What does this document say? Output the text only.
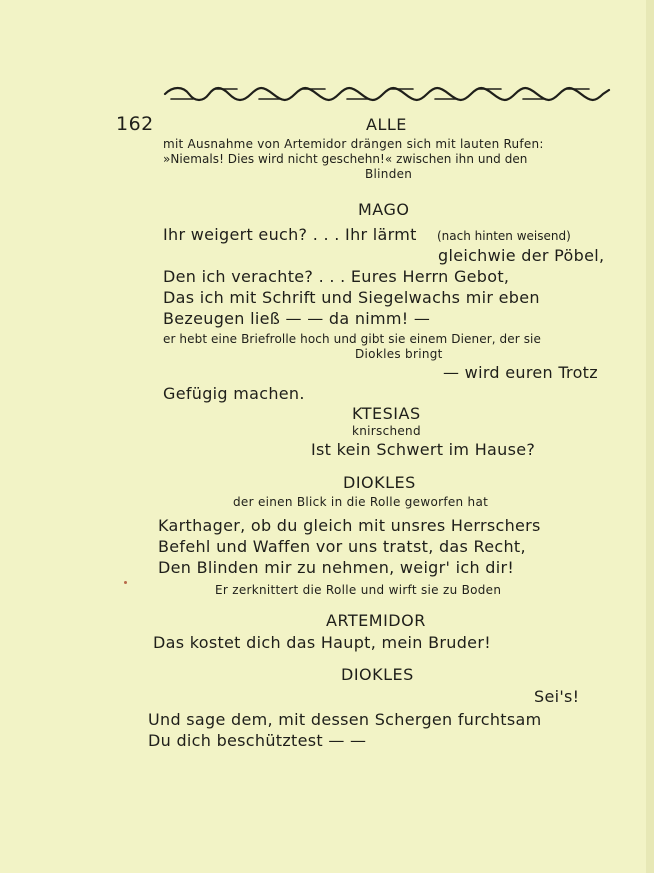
162	ALLE
mit Ausnahme von Artemidor drängen sich mit lauten Rufen:
»Niemals! Dies wird nicht geschehn!« zwischen ihn und den
Blinden
MAGO
Ihr weigert euch? . . . Ihr lärmt (nach hinten weisend)
gleichwie der Pöbel,
Den ich verachte? . . . Eures Herrn Gebot,
Das ich mit Schrift und Siegelwachs mir eben
Bezeugen ließ — — da nimm! —
er hebt eine Briefrolle hoch und gibt sie einem Diener, der sie
Diokles bringt
— wird euren Trotz
Gefügig machen.
KTESIAS
knirschend
Ist kein Schwert im Hause?
DIOKLES
der einen Blick in die Rolle geworfen hat
Karthager, ob du gleich mit unsres Herrschers
Befehl und Waffen vor uns tratst, das Recht,
Den Blinden mir zu nehmen, weigr' ich dir!
Er zerknittert die Rolle und wirft sie zu Boden
ARTEMIDOR
Das kostet dich das Haupt, mein Bruder!
DIOKLES
Sei's!
Und sage dem, mit dessen Schergen furchtsam
Du dich beschütztest — —
